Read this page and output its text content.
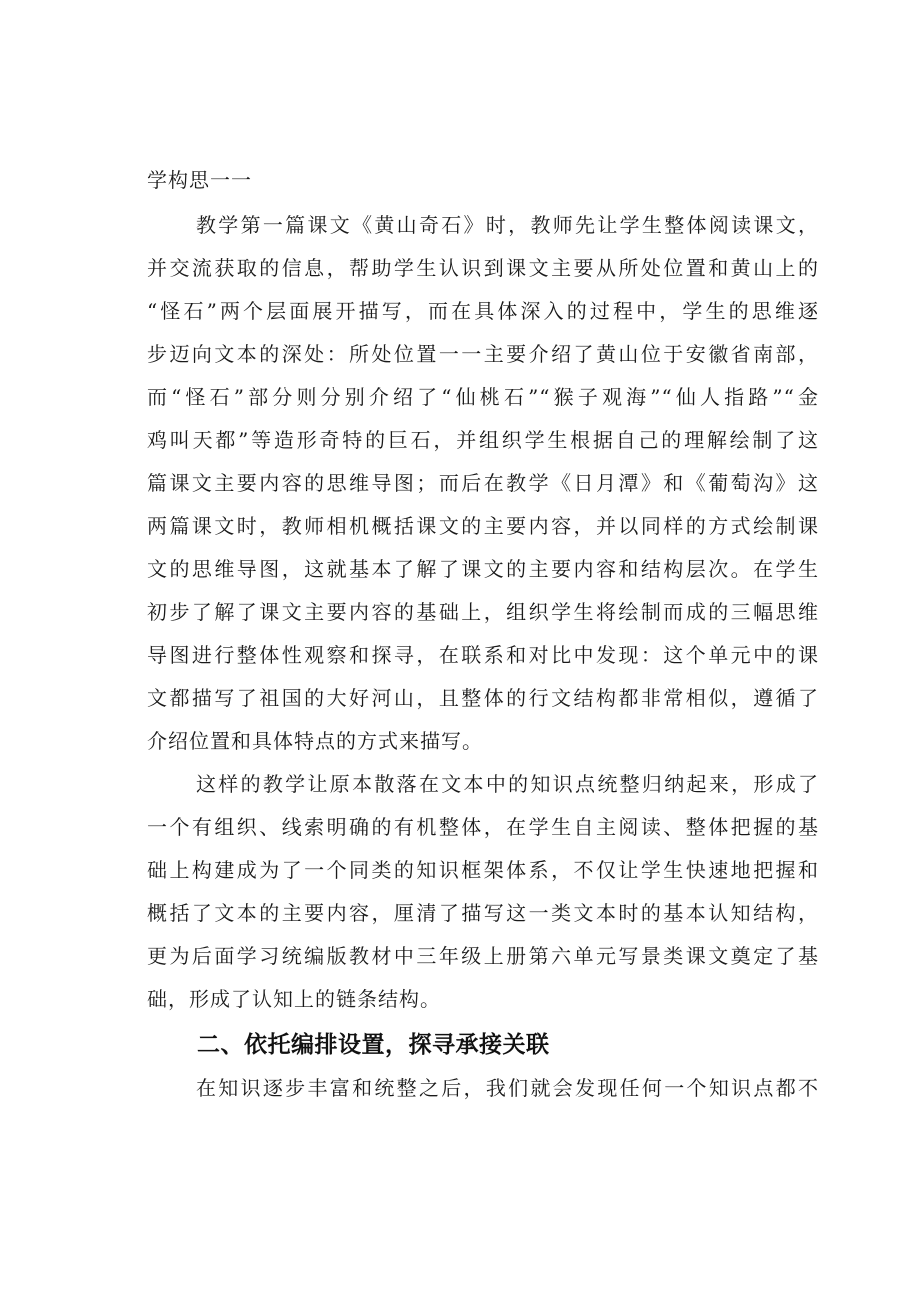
学构思一一
教学第一篇课文《黄山奇石》时，教师先让学生整体阅读课文，
并交流获取的信息，帮助学生认识到课文主要从所处位置和黄山上的
“怪石”两个层面展开描写，而在具体深入的过程中，学生的思维逐
步迈向文本的深处：所处位置一一主要介绍了黄山位于安徽省南部，
而“怪石”部分则分别介绍了“仙桃石”“猴子观海”“仙人指路”“金
鸡叫天都”等造形奇特的巨石，并组织学生根据自己的理解绘制了这
篇课文主要内容的思维导图；而后在教学《日月潭》和《葡萄沟》这
两篇课文时，教师相机概括课文的主要内容，并以同样的方式绘制课
文的思维导图，这就基本了解了课文的主要内容和结构层次。在学生
初步了解了课文主要内容的基础上，组织学生将绘制而成的三幅思维
导图进行整体性观察和探寻，在联系和对比中发现：这个单元中的课
文都描写了祖国的大好河山，且整体的行文结构都非常相似，遵循了
介绍位置和具体特点的方式来描写。
这样的教学让原本散落在文本中的知识点统整归纳起来，形成了
一个有组织、线索明确的有机整体，在学生自主阅读、整体把握的基
础上构建成为了一个同类的知识框架体系，不仅让学生快速地把握和
概括了文本的主要内容，厘清了描写这一类文本时的基本认知结构，
更为后面学习统编版教材中三年级上册第六单元写景类课文奠定了基
础，形成了认知上的链条结构。
二、依托编排设置，探寻承接关联
在知识逐步丰富和统整之后，我们就会发现任何一个知识点都不
